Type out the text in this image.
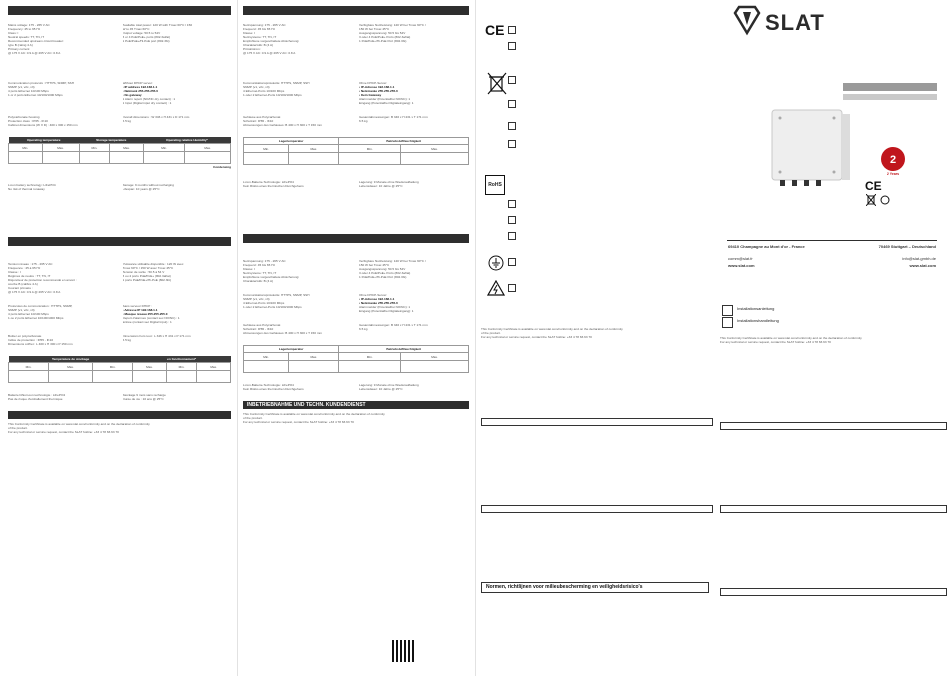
Mains voltage: 175 - 265 V AC
Frequency: 45 to 65 Hz
Class: I
Neutral speeds: TT, TN, IT
Recommended upstream circuit breaker:
type B (rating 4 A)
Primary current:
@ 175 V AC: 0.9 A @ 265 V AC: 0.8 A
Available total power: 120 W with Tmax 60°C / 150
W to 45 Tmax 60°C
Output voltage: 50.5 to 54V
3 or 4 PoE/PoE+ ports (802.3af/at)
1 PoE/PoE+/Hi-PoE port (802.3bt)
Communication protocols : HTTPS, SNMP, SSH
SNMP (v1, v2c, v3)
4 ports Ethernet 10/100 Mbps
1 or 2 ports Ethernet 10/100/1000 Mbps
Without DHCP server:
• IP address 192.168.1.1
• Netmask 255.255.255.0
• No gateway
1 Alarm report (NO/NC dry contact) : 1
1 Input (Digital input dry contact) : 1
Polycarbonate housing
Protection class : IP65 - IK10
Cabinet dimensions (W X D) : 400 x 300 x 150 mm
Overall dimensions : W 346 x H 431 x D 171 mm
6.5 kg
Operating temperature		Storage temperature		Operating relative Humidity*	
Min.	Max.	Min.	Max.	Min.	Max.

Condensing
Li-ion battery technology: LiFePO4
No risk of thermal runaway
Storage: 9 months without recharging
Lifespan: 10 years @ 25°C
Tension réseau : 175 - 265 V AC
Fréquence : 45 à 65 Hz
Classe : I
Régimes de neutre : TT, TN, IT
Disjoncteur de protection recommandé en amont :
courbe B (calibre 4 A)
Courant primaire :
@ 175 V AC: 0.9 A @ 265 V AC: 0.8 A
Puissance utilisable disponible : 120 W avec
Tmax 60°C / 150 W avec Tmax 45°C
Tension de sortie : 50.5 à 54 V
3 ou 4 ports PoE/PoE+ (802.3af/at)
1 ports PoE/PoE+/Hi-PoE (802.3bt)
Protocoles de communication : HTTPS, SNMP,
SNMP (v1, v2c, v3)
4 ports Ethernet 10/100 Mbps
1 ou 2 ports Ethernet 10/100/1000 Mbps
Sans serveur DHCP :
• Adresse IP 192.168.1.1
• Masque réseau 255.255.255.0
Report d'alarmes (contact sec NO/NC) : 1
Entrée (contact sec Digital Input) : 1
Boitier en polycarbonate
Indice de protection : IP65 - IK10
Dimensions coffret : L 400 x H 300 x P 150 mm
Dimensions hors tout : L 346 x H 431 x P 171 mm
6.5 kg
Température de stockage			en fonctionnement*		
Min.	Max.	Min.	Max.	Min.	Max.

Batterie lithium-ion technologie : LiFePO4
Pas de risque d'emballement thermique
Stockage 9 mois sans recharge
Durée de vie : 10 ans @ 25°C
This Conformity Certificate is available on www.slat.com/conformity and on the declaration of conformity
of the product.
For any technical or service request, contact the SLAT hotline: +33 4 78 66 63 70
Netzspannung: 175 - 265 V AC
Frequenz: 45 bis 65 Hz
Klasse: I
Netzsysteme: TT, TN, IT
Empfohlene vorgeschaltete Absicherung:
Charakteristik: B (4 A)
Primärstrom:
@ 175 V AC: 0.9 A @ 265 V AC: 0.8 A
Verfügbare Nutzleistung: 120 W bei Tmax 60°C /
150 W bei Tmax 45°C
Ausgangsspannung: 50.5 bis 54V
3 oder 4 PoE/PoE+ Ports (802.3af/at)
1 PoE/PoE+/Hi-PoE Port (802.3bt)
Kommunikationsprotokolle: HTTPS, SNMP, SSH
SNMP (v1, v2c, v3)
4 Ethernet-Ports 10/100 Mbps
1 oder 2 Ethernet-Ports 10/100/1000 Mbps
Ohne DHCP-Server:
• IP-Adresse 192.168.1.1
• Netzmaske 255.255.255.0
• Kein Gateway
Alarmmelder (Potentialfrei NO/NC): 1
Eingang (Potentialfrei Digitaleingang): 1
Gehäuse aus Polycarbonat
Schutzart: IP65 - IK10
Abmessungen des Gehäuses: B 400 x H 300 x T 150 mm
Gesamtabmessungen: B 346 x H 431 x T 171 mm
6.5 kg
Lagertemperatur		Betriebsluftfeuchtigkeit	
Min.	Max.	Min.	Max.

Li-Ion-Batterie-Technologie: LiFePO4
Kein Risiko eines thermischen Durchgehens
Lagerung: 9 Monate ohne Wiederaufladung
Lebensdauer: 10 Jahre @ 25°C
Netzspannung: 175 - 265 V AC
Frequenz: 45 bis 65 Hz
Klasse: I
Netzsysteme: TT, TN, IT
Empfohlene vorgeschaltete Absicherung:
Charakteristik: B (4 A)
Verfügbare Nutzleistung: 120 W bei Tmax 60°C /
150 W bei Tmax 45°C
Ausgangsspannung: 50.5 bis 54V
3 oder 4 PoE/PoE+ Ports (802.3af/at)
1 PoE/PoE+/Hi-PoE Port (802.3bt)
Kommunikationsprotokolle: HTTPS, SNMP, SSH
SNMP (v1, v2c, v3)
4 Ethernet-Ports 10/100 Mbps
1 oder 2 Ethernet-Ports 10/100/1000 Mbps
Ohne DHCP-Server:
• IP-Adresse 192.168.1.1
• Netzmaske 255.255.255.0
Alarmmelder (Potentialfrei NO/NC): 1
Eingang (Potentialfrei Digitaleingang): 1
Gehäuse aus Polycarbonat
Schutzart: IP65 - IK10
Abmessungen des Gehäuses: B 400 x H 300 x T 150 mm
Gesamtabmessungen: B 346 x H 431 x T 171 mm
6.5 kg
Lagertemperatur		Betriebsluftfeuchtigkeit	
Min.	Max.	Min.	Max.

Li-Ion-Batterie-Technologie: LiFePO4
Kein Risiko eines thermischen Durchgehens
Lagerung: 9 Monate ohne Wiederaufladung
Lebensdauer: 10 Jahre @ 25°C
INBETRIEBNAHME UND TECHN. KUNDENDIENST
This Conformity Certificate is available on www.slat.com/conformity and on the declaration of conformity
of the product.
For any technical or service request, contact the SLAT hotline: +33 4 78 66 63 70
CE
RoHS
This Conformity Certificate is available on www.slat.com/conformity and on the declaration of conformity
of the product.
For any technical or service request, contact the SLAT hotline: +33 4 78 66 63 70
Normen, richtlijnen voor milieubescherming en veiligheidsrisico's
SLAT
2
2 Years
CE
69410 Champagne au Mont d'or - France	70469 Stuttgart – Deutschland
comm@slat.fr	info@slat-gmbh.de
www.slat.com	www.slat.com
Installationsanleitung
Installationshandleitung
This Conformity Certificate is available on www.slat.com/conformity and on the declaration of conformity
For any technical or service request, contact the SLAT hotline: +33 4 78 66 63 70
